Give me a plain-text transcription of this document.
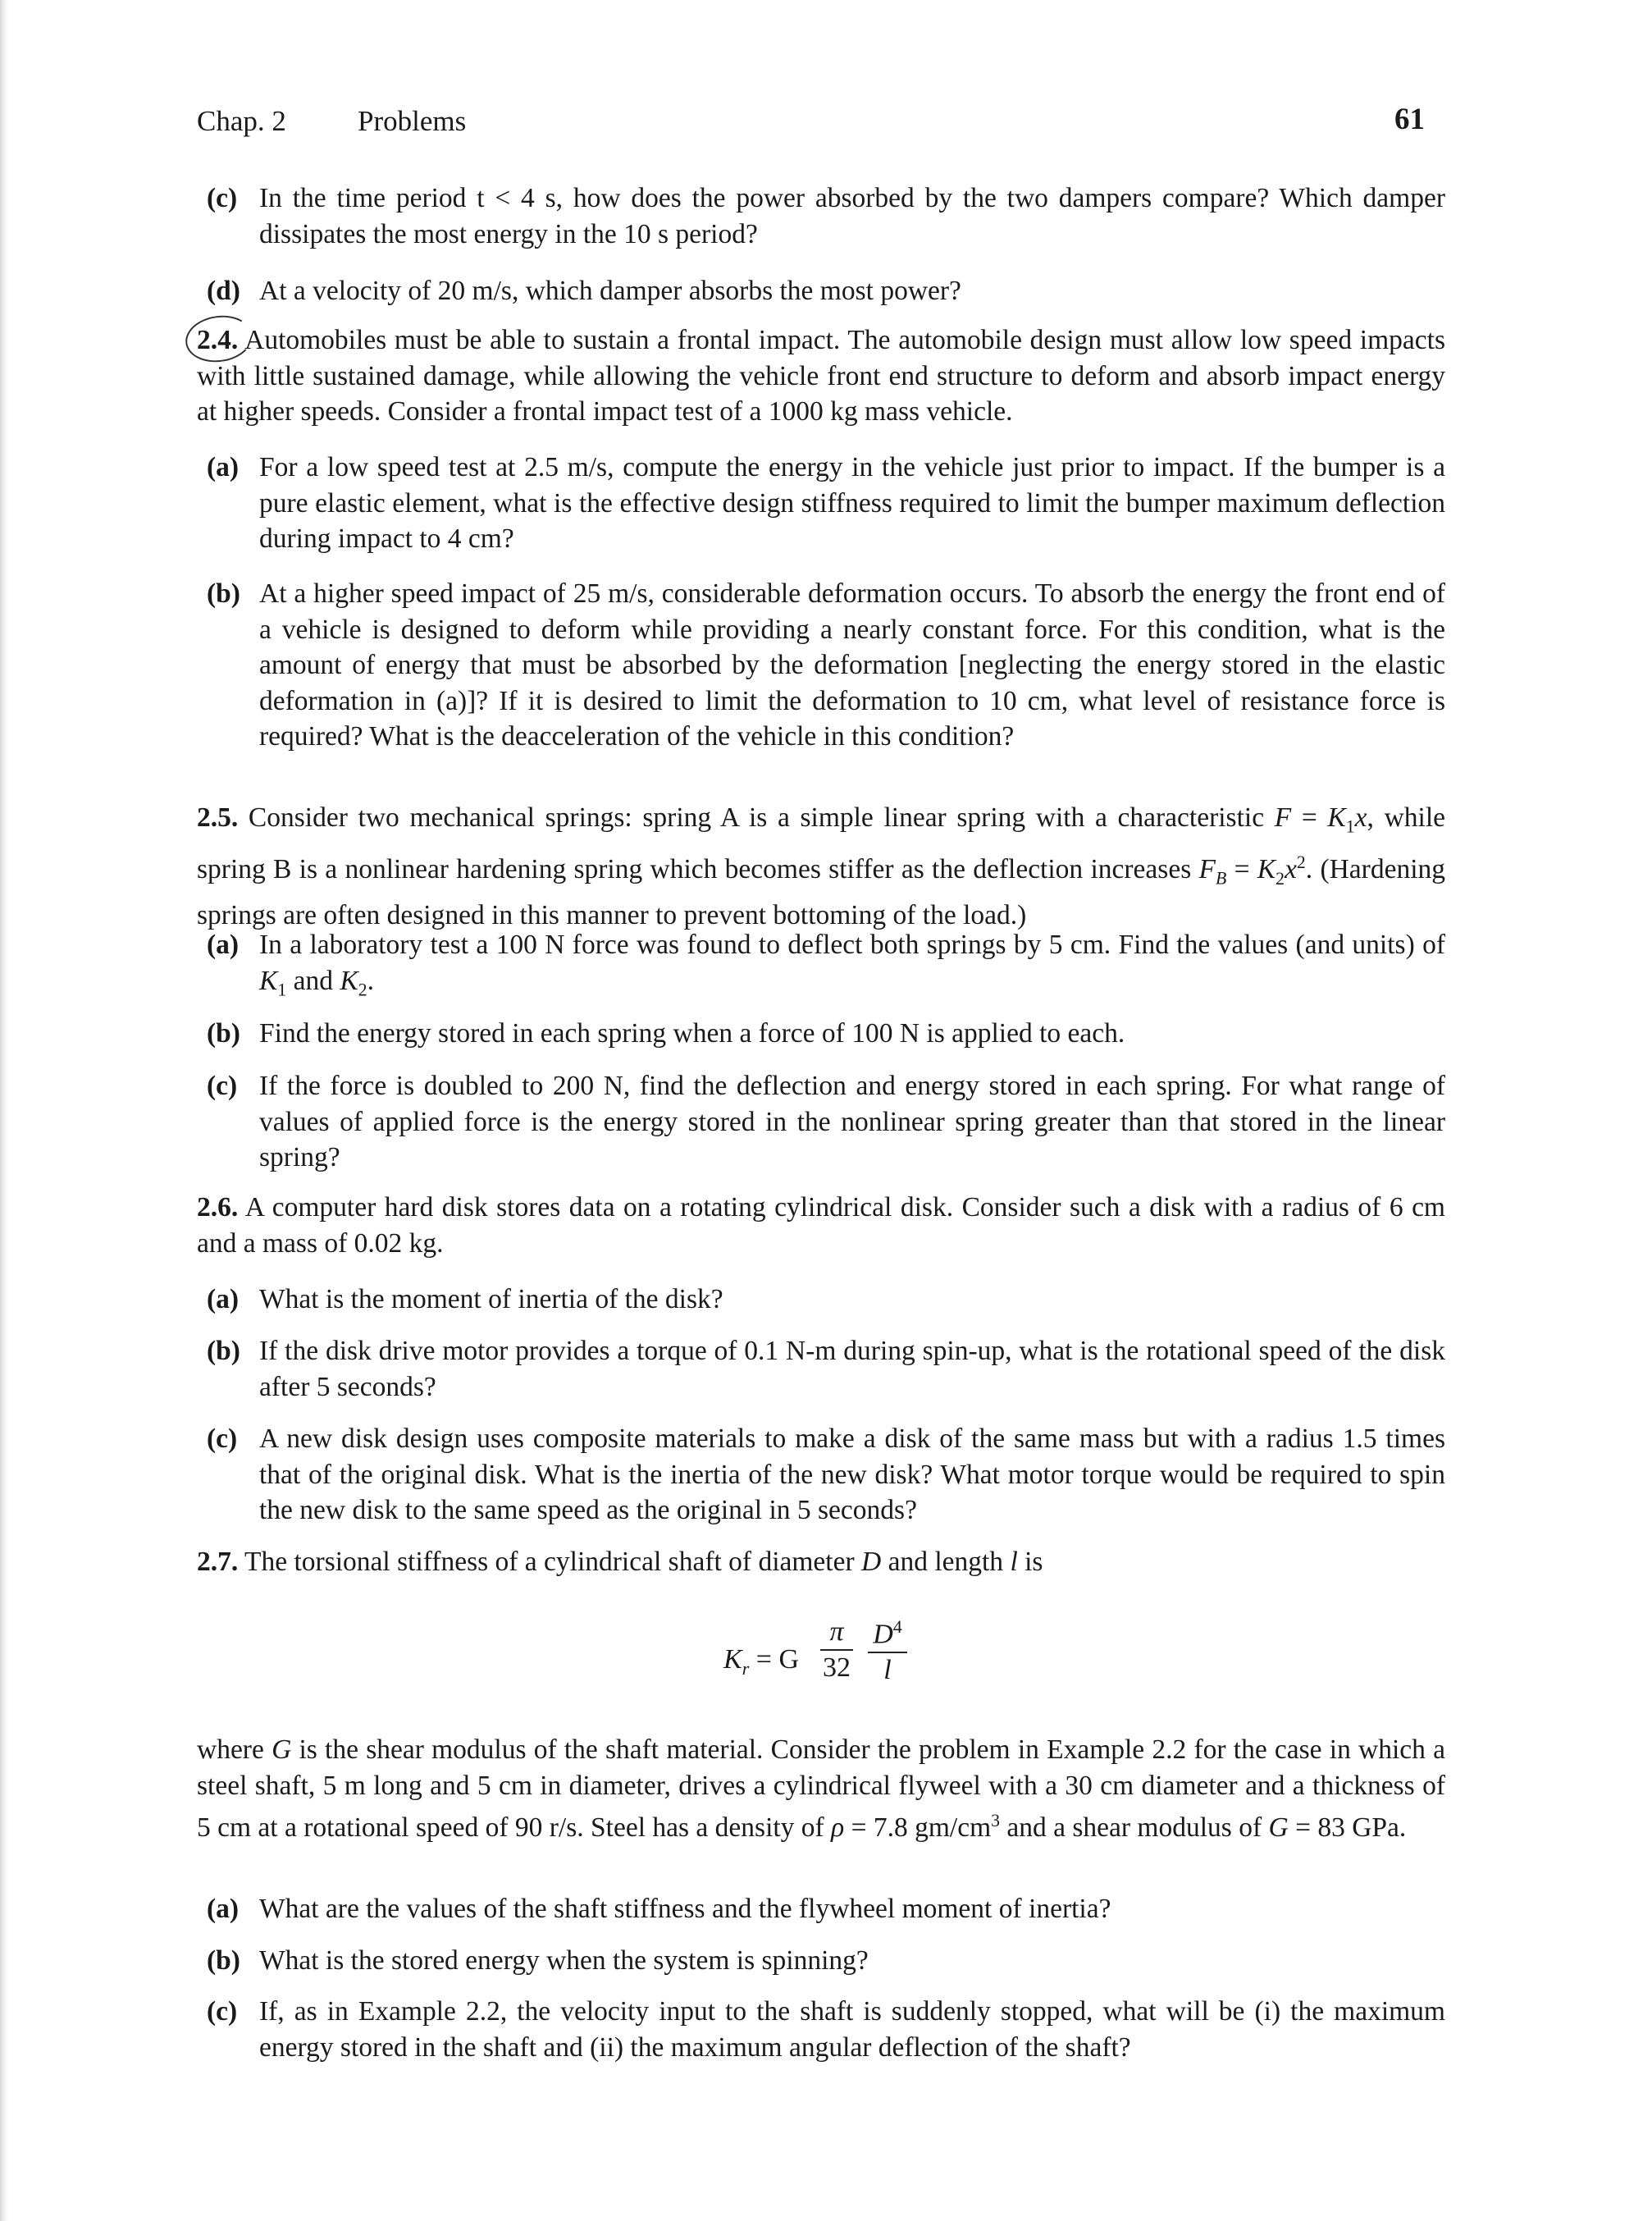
Chap. 2 Problems	61
(c) In the time period t < 4 s, how does the power absorbed by the two dampers compare? Which damper dissipates the most energy in the 10 s period?
(d) At a velocity of 20 m/s, which damper absorbs the most power?
2.4. Automobiles must be able to sustain a frontal impact. The automobile design must allow low speed impacts with little sustained damage, while allowing the vehicle front end structure to deform and absorb impact energy at higher speeds. Consider a frontal impact test of a 1000 kg mass vehicle.
(a) For a low speed test at 2.5 m/s, compute the energy in the vehicle just prior to impact. If the bumper is a pure elastic element, what is the effective design stiffness required to limit the bumper maximum deflection during impact to 4 cm?
(b) At a higher speed impact of 25 m/s, considerable deformation occurs. To absorb the energy the front end of a vehicle is designed to deform while providing a nearly constant force. For this condition, what is the amount of energy that must be absorbed by the deformation [neglecting the energy stored in the elastic deformation in (a)]? If it is desired to limit the deformation to 10 cm, what level of resistance force is required? What is the deacceleration of the vehicle in this condition?
2.5. Consider two mechanical springs: spring A is a simple linear spring with a characteristic $F = K_1x$, while spring B is a nonlinear hardening spring which becomes stiffer as the deflection increases $F_B = K_2x^2$. (Hardening springs are often designed in this manner to prevent bottoming of the load.)
(a) In a laboratory test a 100 N force was found to deflect both springs by 5 cm. Find the values (and units) of $K_1$ and $K_2$.
(b) Find the energy stored in each spring when a force of 100 N is applied to each.
(c) If the force is doubled to 200 N, find the deflection and energy stored in each spring. For what range of values of applied force is the energy stored in the nonlinear spring greater than that stored in the linear spring?
2.6. A computer hard disk stores data on a rotating cylindrical disk. Consider such a disk with a radius of 6 cm and a mass of 0.02 kg.
(a) What is the moment of inertia of the disk?
(b) If the disk drive motor provides a torque of 0.1 N-m during spin-up, what is the rotational speed of the disk after 5 seconds?
(c) A new disk design uses composite materials to make a disk of the same mass but with a radius 1.5 times that of the original disk. What is the inertia of the new disk? What motor torque would be required to spin the new disk to the same speed as the original in 5 seconds?
2.7. The torsional stiffness of a cylindrical shaft of diameter D and length l is
$K_r = G$
π
32
$D^4$
l
where G is the shear modulus of the shaft material. Consider the problem in Example 2.2 for the case in which a steel shaft, 5 m long and 5 cm in diameter, drives a cylindrical flyweel with a 30 cm diameter and a thickness of 5 cm at a rotational speed of 90 r/s. Steel has a density of ρ = 7.8 $gm/cm^3$ and a shear modulus of G = 83 GPa.
(a) What are the values of the shaft stiffness and the flywheel moment of inertia?
(b) What is the stored energy when the system is spinning?
(c) If, as in Example 2.2, the velocity input to the shaft is suddenly stopped, what will be (i) the maximum energy stored in the shaft and (ii) the maximum angular deflection of the shaft?
